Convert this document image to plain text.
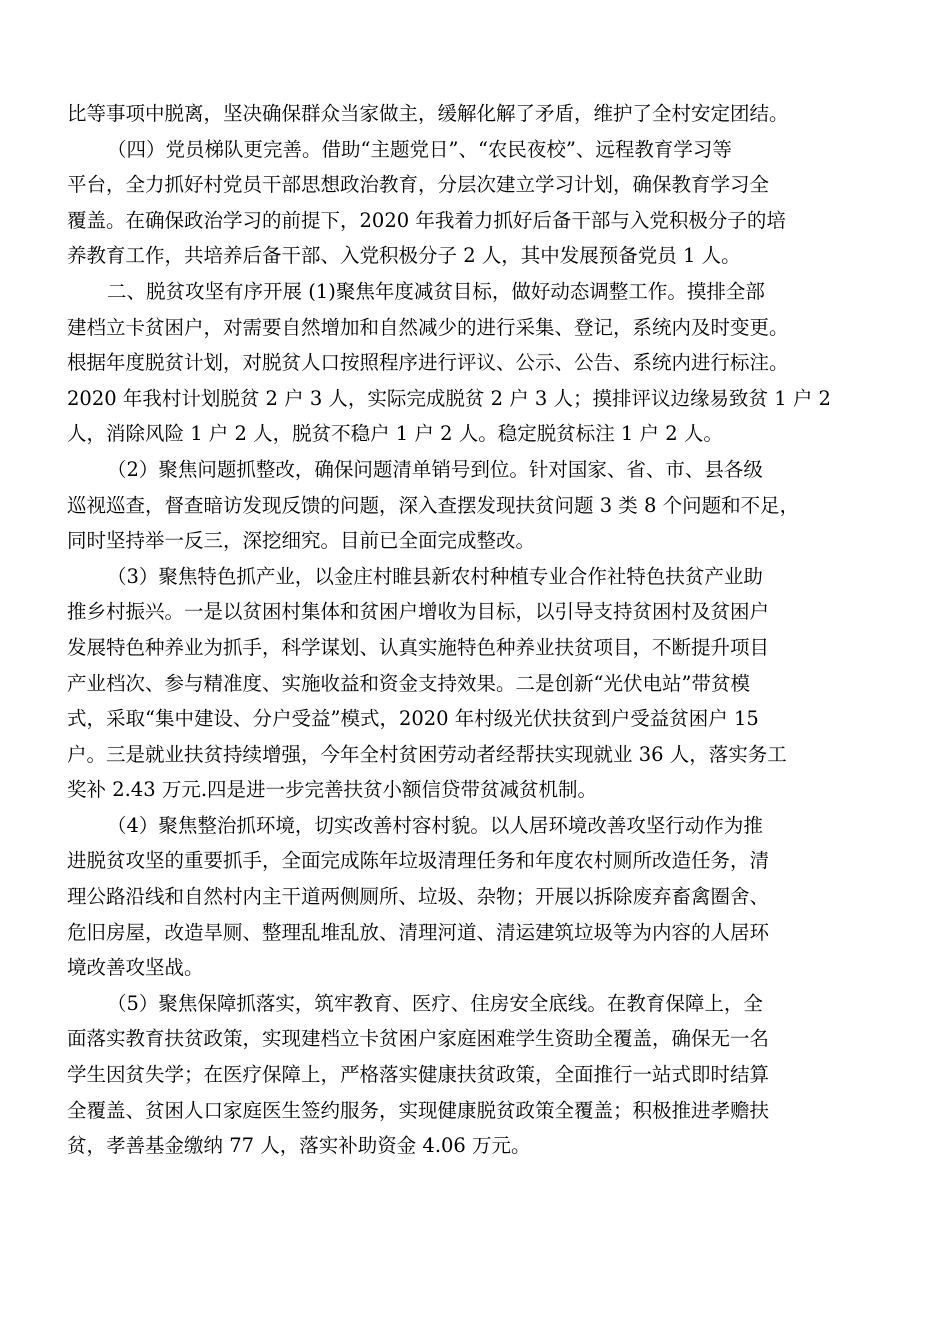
比等事项中脱离，坚决确保群众当家做主，缓解化解了矛盾，维护了全村安定团结。
（四）党员梯队更完善。借助“主题党日”、“农民夜校”、远程教育学习等
平台，全力抓好村党员干部思想政治教育，分层次建立学习计划，确保教育学习全
覆盖。在确保政治学习的前提下，2020 年我着力抓好后备干部与入党积极分子的培
养教育工作，共培养后备干部、入党积极分子 2 人，其中发展预备党员 1 人。
二、脱贫攻坚有序开展 (1)聚焦年度减贫目标，做好动态调整工作。摸排全部
建档立卡贫困户，对需要自然增加和自然减少的进行采集、登记，系统内及时变更。
根据年度脱贫计划，对脱贫人口按照程序进行评议、公示、公告、系统内进行标注。
2020 年我村计划脱贫 2 户 3 人，实际完成脱贫 2 户 3 人；摸排评议边缘易致贫 1 户 2
人，消除风险 1 户 2 人，脱贫不稳户 1 户 2 人。稳定脱贫标注 1 户 2 人。
（2）聚焦问题抓整改，确保问题清单销号到位。针对国家、省、市、县各级
巡视巡查，督查暗访发现反馈的问题，深入查摆发现扶贫问题 3 类 8 个问题和不足，
同时坚持举一反三，深挖细究。目前已全面完成整改。
（3）聚焦特色抓产业，以金庄村睢县新农村种植专业合作社特色扶贫产业助
推乡村振兴。一是以贫困村集体和贫困户增收为目标，以引导支持贫困村及贫困户
发展特色种养业为抓手，科学谋划、认真实施特色种养业扶贫项目，不断提升项目
产业档次、参与精准度、实施收益和资金支持效果。二是创新“光伏电站”带贫模
式，采取“集中建设、分户受益”模式，2020 年村级光伏扶贫到户受益贫困户 15
户。三是就业扶贫持续增强，今年全村贫困劳动者经帮扶实现就业 36 人，落实务工
奖补 2.43 万元.四是进一步完善扶贫小额信贷带贫减贫机制。
（4）聚焦整治抓环境，切实改善村容村貌。以人居环境改善攻坚行动作为推
进脱贫攻坚的重要抓手，全面完成陈年垃圾清理任务和年度农村厕所改造任务，清
理公路沿线和自然村内主干道两侧厕所、垃圾、杂物；开展以拆除废弃畜禽圈舍、
危旧房屋，改造旱厕、整理乱堆乱放、清理河道、清运建筑垃圾等为内容的人居环
境改善攻坚战。
（5）聚焦保障抓落实，筑牢教育、医疗、住房安全底线。在教育保障上，全
面落实教育扶贫政策，实现建档立卡贫困户家庭困难学生资助全覆盖，确保无一名
学生因贫失学；在医疗保障上，严格落实健康扶贫政策，全面推行一站式即时结算
全覆盖、贫困人口家庭医生签约服务，实现健康脱贫政策全覆盖；积极推进孝赡扶
贫，孝善基金缴纳 77 人，落实补助资金 4.06 万元。
